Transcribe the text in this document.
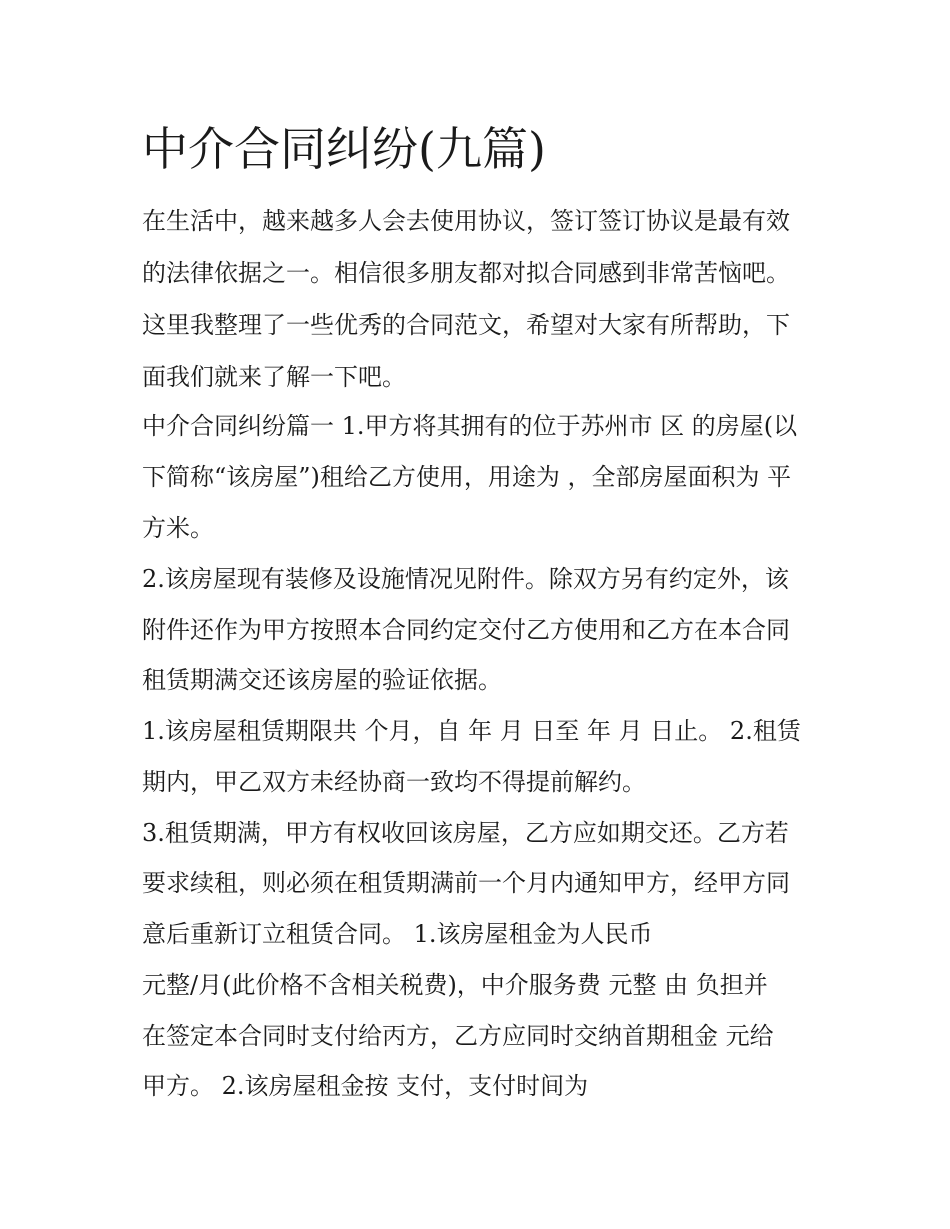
中介合同纠纷(九篇)

在生活中，越来越多人会去使用协议，签订签订协议是最有效

的法律依据之一。相信很多朋友都对拟合同感到非常苦恼吧。

这里我整理了一些优秀的合同范文，希望对大家有所帮助，下

面我们就来了解一下吧。

中介合同纠纷篇一 1.甲方将其拥有的位于苏州市 区 的房屋(以

下简称“该房屋”)租给乙方使用，用途为 ，全部房屋面积为 平

方米。

2.该房屋现有装修及设施情况见附件。除双方另有约定外，该

附件还作为甲方按照本合同约定交付乙方使用和乙方在本合同

租赁期满交还该房屋的验证依据。

1.该房屋租赁期限共 个月，自 年 月 日至 年 月 日止。 2.租赁

期内，甲乙双方未经协商一致均不得提前解约。

3.租赁期满，甲方有权收回该房屋，乙方应如期交还。乙方若

要求续租，则必须在租赁期满前一个月内通知甲方，经甲方同

意后重新订立租赁合同。 1.该房屋租金为人民币

元整/月(此价格不含相关税费)，中介服务费 元整 由 负担并

在签定本合同时支付给丙方，乙方应同时交纳首期租金 元给

甲方。 2.该房屋租金按 支付，支付时间为
